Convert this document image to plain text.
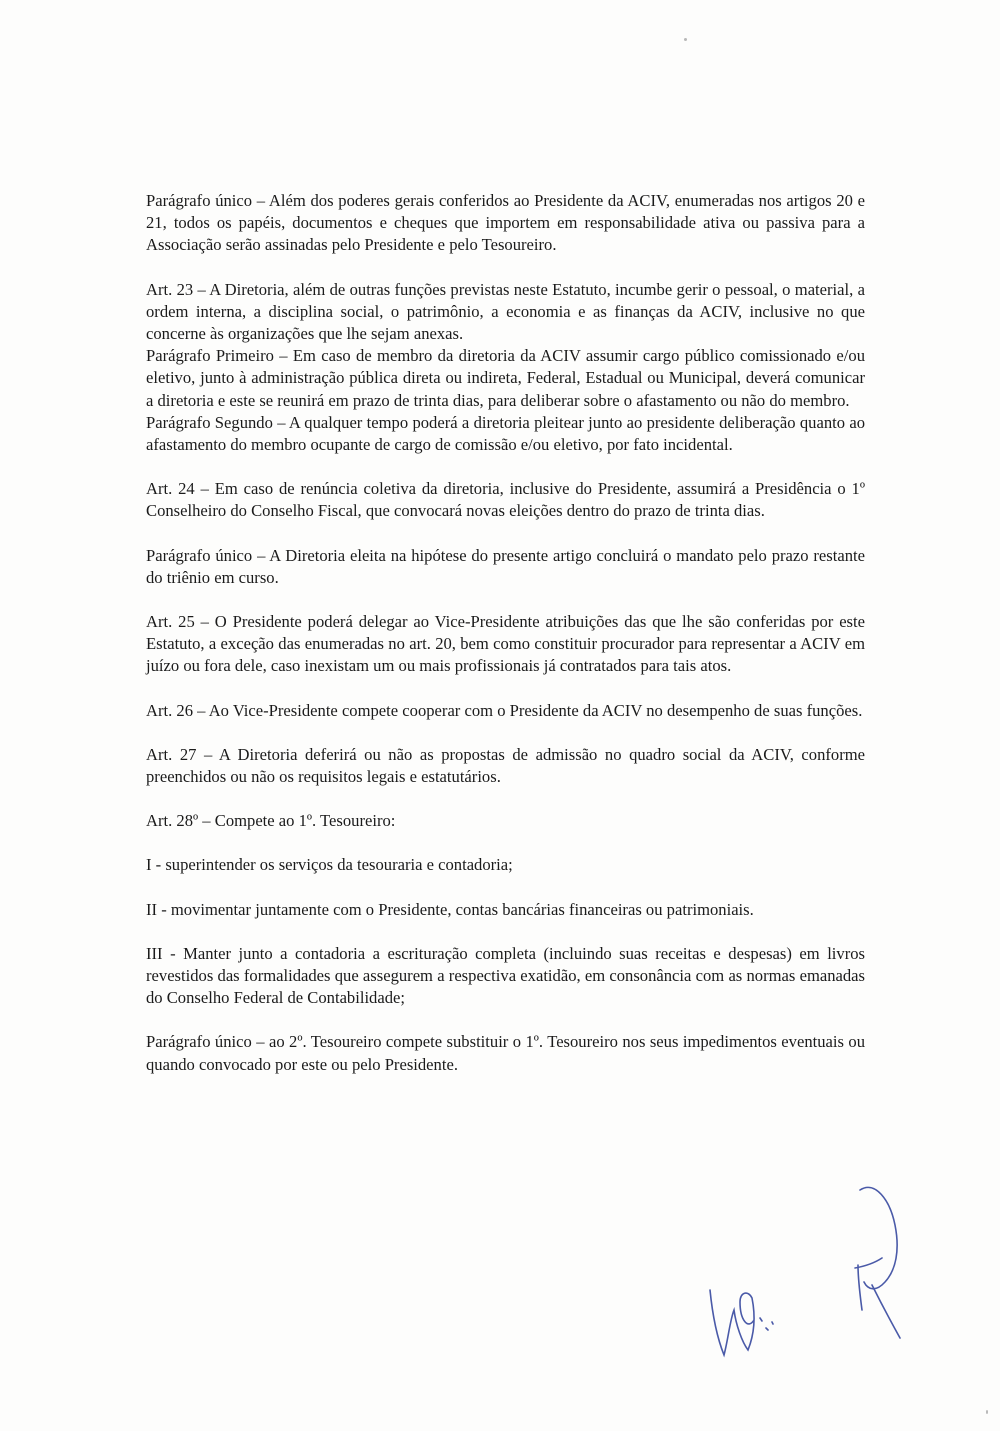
Parágrafo único – Além dos poderes gerais conferidos ao Presidente da ACIV, enumeradas nos artigos 20 e 21, todos os papéis, documentos e cheques que importem em responsabilidade ativa ou passiva para a Associação serão assinadas pelo Presidente e pelo Tesoureiro.

Art. 23 – A Diretoria, além de outras funções previstas neste Estatuto, incumbe gerir o pessoal, o material, a ordem interna, a disciplina social, o patrimônio, a economia e as finanças da ACIV, inclusive no que concerne às organizações que lhe sejam anexas.

Parágrafo Primeiro – Em caso de membro da diretoria da ACIV assumir cargo público comissionado e/ou eletivo, junto à administração pública direta ou indireta, Federal, Estadual ou Municipal, deverá comunicar a diretoria e este se reunirá em prazo de trinta dias, para deliberar sobre o afastamento ou não do membro.

Parágrafo Segundo – A qualquer tempo poderá a diretoria pleitear junto ao presidente deliberação quanto ao afastamento do membro ocupante de cargo de comissão e/ou eletivo, por fato incidental.

Art. 24 – Em caso de renúncia coletiva da diretoria, inclusive do Presidente, assumirá a Presidência o 1º Conselheiro do Conselho Fiscal, que convocará novas eleições dentro do prazo de trinta dias.

Parágrafo único – A Diretoria eleita na hipótese do presente artigo concluirá o mandato pelo prazo restante do triênio em curso.

Art. 25 – O Presidente poderá delegar ao Vice-Presidente atribuições das que lhe são conferidas por este Estatuto, a exceção das enumeradas no art. 20, bem como constituir procurador para representar a ACIV em juízo ou fora dele, caso inexistam um ou mais profissionais já contratados para tais atos.

Art. 26 – Ao Vice-Presidente compete cooperar com o Presidente da ACIV no desempenho de suas funções.

Art. 27 – A Diretoria deferirá ou não as propostas de admissão no quadro social da ACIV, conforme preenchidos ou não os requisitos legais e estatutários.

Art. 28º – Compete ao 1º. Tesoureiro:

I - superintender os serviços da tesouraria e contadoria;

II - movimentar juntamente com o Presidente, contas bancárias financeiras ou patrimoniais.

III - Manter junto a contadoria a escrituração completa (incluindo suas receitas e despesas) em livros revestidos das formalidades que assegurem a respectiva exatidão, em consonância com as normas emanadas do Conselho Federal de Contabilidade;

Parágrafo único – ao 2º. Tesoureiro compete substituir o 1º. Tesoureiro nos seus impedimentos eventuais ou quando convocado por este ou pelo Presidente.
